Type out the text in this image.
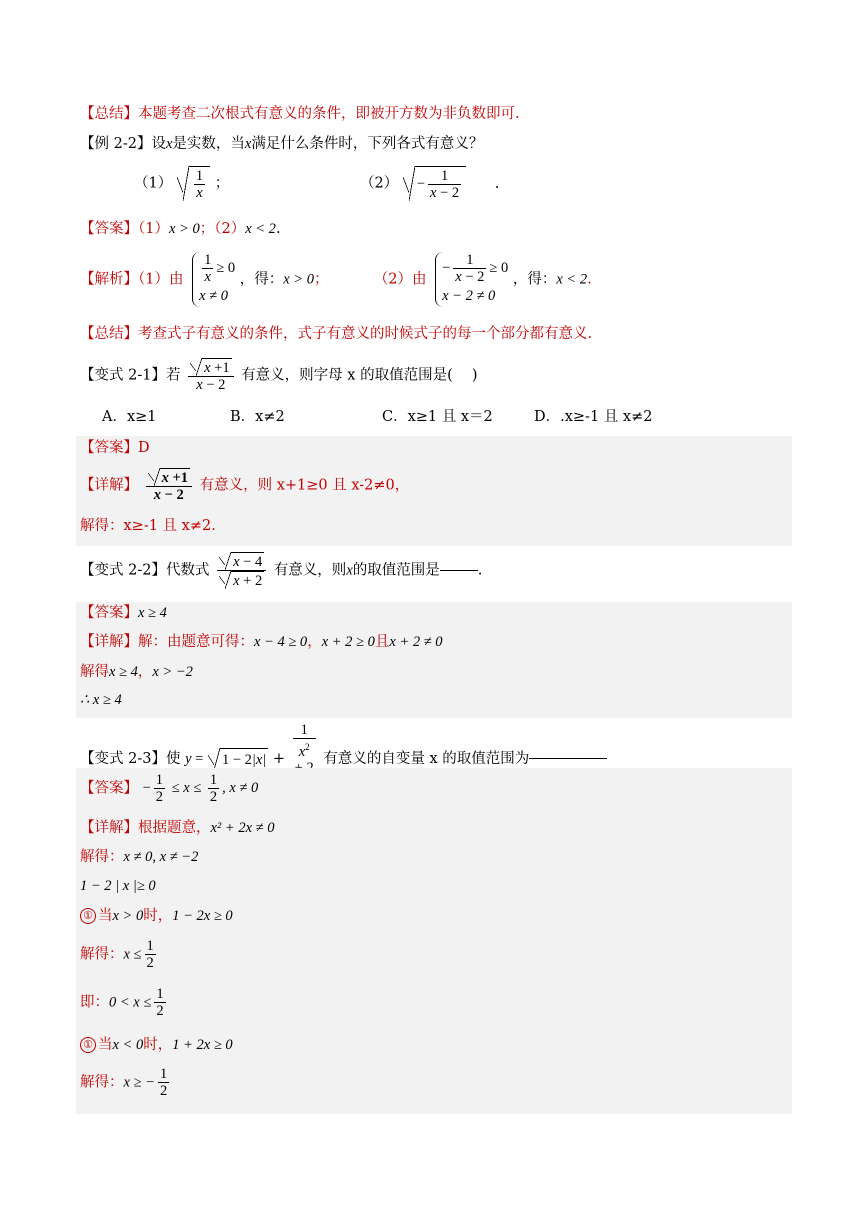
【总结】本题考查二次根式有意义的条件，即被开方数为非负数即可.
【例 2-2】设x是实数，当x满足什么条件时，下列各式有意义？
$(1) \frac{1}{x}$ ；	$(2) - \frac{1}{x - 2}$ .
【答案】（1）x > 0；（2）x < 2.
【解析】（1）由 $\frac{1}{x} \ge 0$
x ≠ 0
，得：x > 0；	（2）由
− $\frac{1}{x - 2} \ge 0$
x − 2 ≠ 0
，得：x < 2.
【总结】考查式子有意义的条件，式子有意义的时候式子的每一个部分都有意义.
【变式 2-1】若 $\frac{x +1}{x - 2}$ 有意义，则字母 x 的取值范围是(　 )
A．x≥1	B．x≠2	C．x≥1 且 x＝2	D．.x≥-1 且 x≠2
【答案】D
【详解】 $\frac{x +1}{x - 2}$ 有意义，则 x+1≥0 且 x-2≠0，
解得：x≥-1 且 x≠2.
【变式 2-2】代数式 $\frac{x - 4}{x + 2}$ 有意义，则x的取值范围是	.
【答案】x ≥ 4
【详解】解：由题意可得：x − 4 ≥ 0，x + 2 ≥ 0且x + 2 ≠ 0
解得x ≥ 4，x > −2
∴ x ≥ 4
【变式 2-3】使 $y = 1 - 2|x| + \frac{1}{x^2}$ 有意义的自变量 x 的取值范围为
【答案】 − $\frac{1}{2} \le x \le \frac{1}{2}$ , x ≠ 0
【详解】根据题意，x² + 2x ≠ 0
解得：x ≠ 0, x ≠ −2
1 − 2 | x |≥ 0
① 当x > 0时，1 − 2x ≥ 0
解得：$x \le \frac{1}{2}$
即：$0 < x \le \frac{1}{2}$
① 当x < 0时，1 + 2x ≥ 0
解得：x ≥ − $\frac{1}{2}$
